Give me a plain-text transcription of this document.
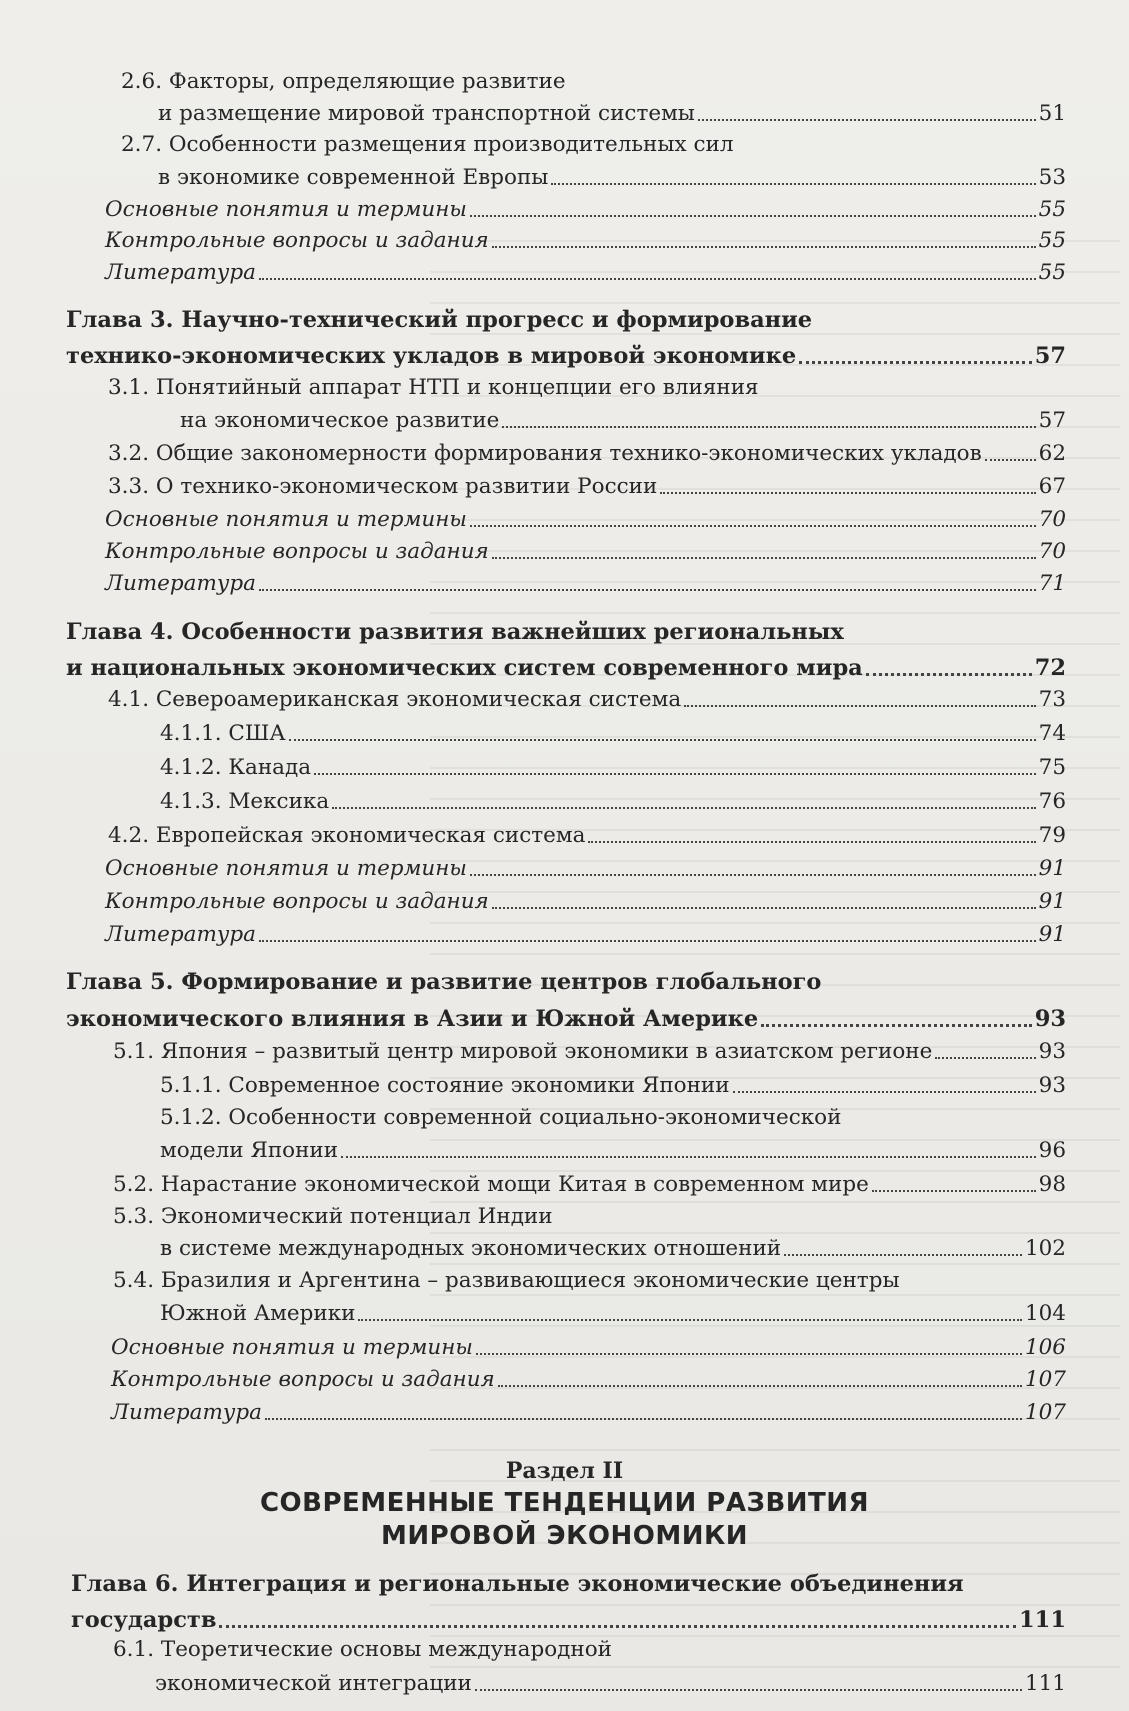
Раздел II
СОВРЕМЕННЫЕ ТЕНДЕНЦИИ РАЗВИТИЯ
МИРОВОЙ ЭКОНОМИКИ
2.6. Факторы, определяющие развитие
и размещение мировой транспортной системы	51
2.7. Особенности размещения производительных сил
в экономике современной Европы	53
Основные понятия и термины	55
Контрольные вопросы и задания	55
Литература	55
Глава 3. Научно-технический прогресс и формирование
технико-экономических укладов в мировой экономике	57
3.1. Понятийный аппарат НТП и концепции его влияния
на экономическое развитие	57
3.2. Общие закономерности формирования технико-экономических укладов	62
3.3. О технико-экономическом развитии России	67
Основные понятия и термины	70
Контрольные вопросы и задания	70
Литература	71
Глава 4. Особенности развития важнейших региональных
и национальных экономических систем современного мира	72
4.1. Североамериканская экономическая система	73
4.1.1. США	74
4.1.2. Канада	75
4.1.3. Мексика	76
4.2. Европейская экономическая система	79
Основные понятия и термины	91
Контрольные вопросы и задания	91
Литература	91
Глава 5. Формирование и развитие центров глобального
экономического влияния в Азии и Южной Америке	93
5.1. Япония – развитый центр мировой экономики в азиатском регионе	93
5.1.1. Современное состояние экономики Японии	93
5.1.2. Особенности современной социально-экономической
модели Японии	96
5.2. Нарастание экономической мощи Китая в современном мире	98
5.3. Экономический потенциал Индии
в системе международных экономических отношений	102
5.4. Бразилия и Аргентина – развивающиеся экономические центры
Южной Америки	104
Основные понятия и термины	106
Контрольные вопросы и задания	107
Литература	107
Глава 6. Интеграция и региональные экономические объединения
государств	111
6.1. Теоретические основы международной
экономической интеграции	111
